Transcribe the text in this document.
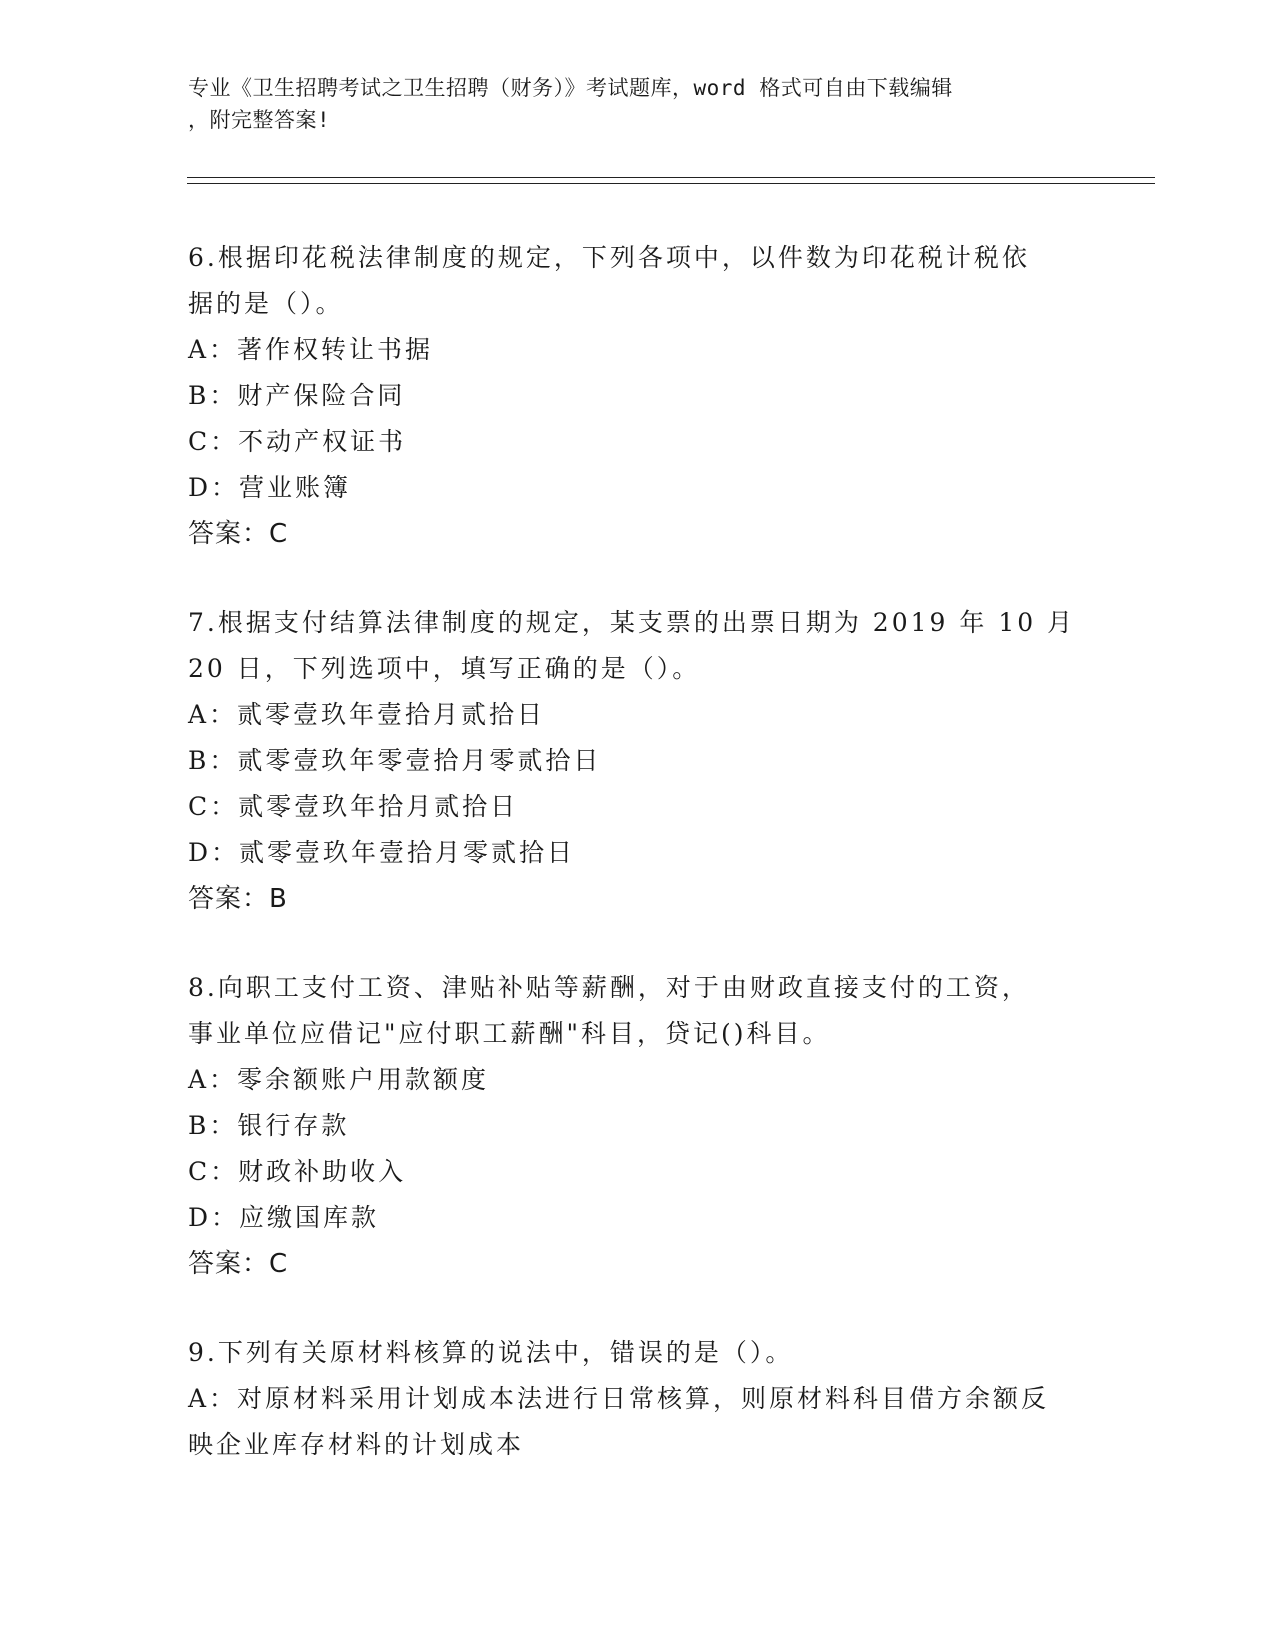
专业《卫生招聘考试之卫生招聘（财务）》考试题库，word 格式可自由下载编辑
，附完整答案!
6.根据印花税法律制度的规定，下列各项中，以件数为印花税计税依
据的是（）。
A：著作权转让书据
B：财产保险合同
C：不动产权证书
D：营业账簿
答案：C
7.根据支付结算法律制度的规定，某支票的出票日期为 2019 年 10 月
20 日，下列选项中，填写正确的是（）。
A：贰零壹玖年壹拾月贰拾日
B：贰零壹玖年零壹拾月零贰拾日
C：贰零壹玖年拾月贰拾日
D：贰零壹玖年壹拾月零贰拾日
答案：B
8.向职工支付工资、津贴补贴等薪酬，对于由财政直接支付的工资，
事业单位应借记"应付职工薪酬"科目，贷记()科目。
A：零余额账户用款额度
B：银行存款
C：财政补助收入
D：应缴国库款
答案：C
9.下列有关原材料核算的说法中，错误的是（）。
A：对原材料采用计划成本法进行日常核算，则原材料科目借方余额反
映企业库存材料的计划成本
